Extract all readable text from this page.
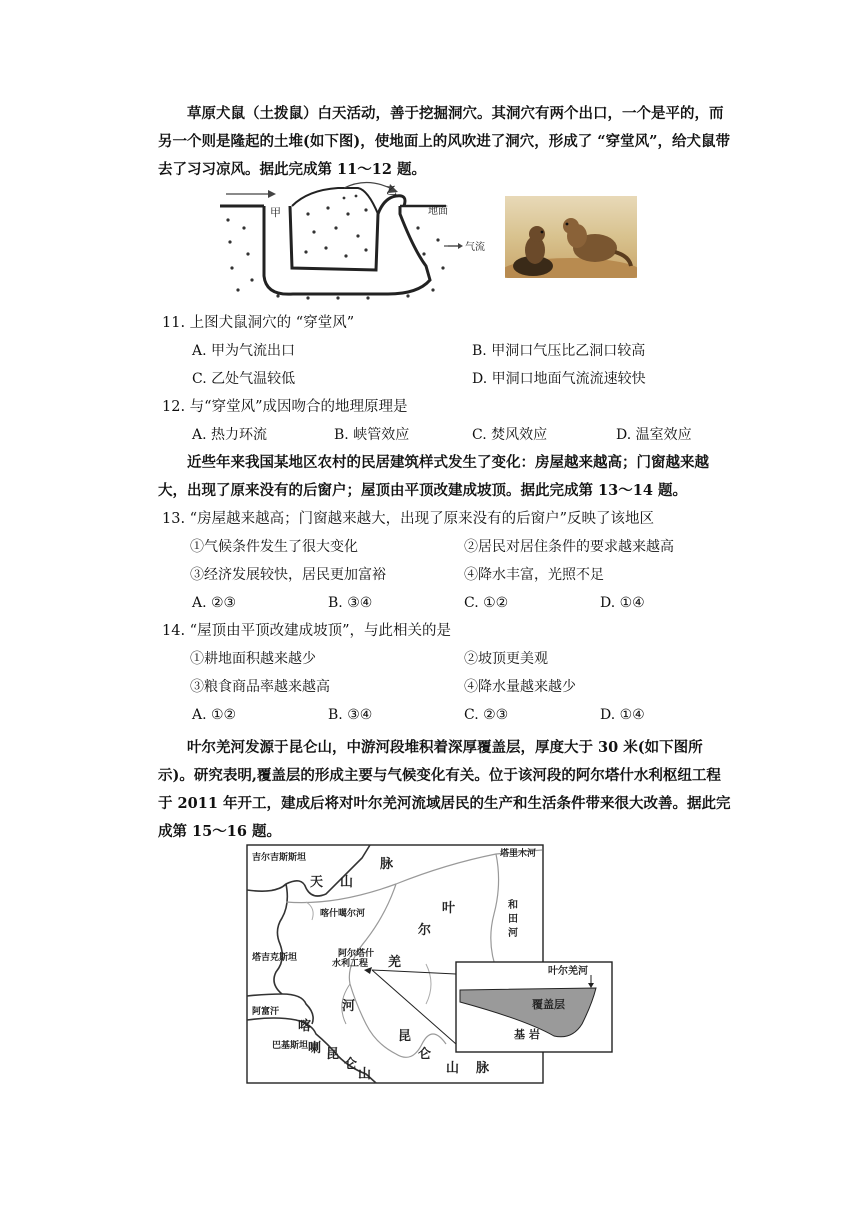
草原犬鼠（土拨鼠）白天活动，善于挖掘洞穴。其洞穴有两个出口，一个是平的，而另一个则是隆起的土堆(如下图)，使地面上的风吹进了洞穴，形成了 “穿堂风”，给犬鼠带去了习习凉风。据此完成第 11～12 题。

甲
乙
地面
气流
11. 上图犬鼠洞穴的 “穿堂风”
A. 甲为气流出口	B. 甲洞口气压比乙洞口较高
C. 乙处气温较低	D. 甲洞口地面气流流速较快
12. 与“穿堂风”成因吻合的地理原理是
A. 热力环流	B. 峡管效应	C. 焚风效应	D. 温室效应

近些年来我国某地区农村的民居建筑样式发生了变化：房屋越来越高；门窗越来越大，出现了原来没有的后窗户；屋顶由平顶改建成坡顶。据此完成第 13～14 题。

13. “房屋越来越高；门窗越来越大，出现了原来没有的后窗户”反映了该地区
①气候条件发生了很大变化	②居民对居住条件的要求越来越高
③经济发展较快，居民更加富裕	④降水丰富，光照不足
A. ②③	B. ③④	C. ①②	D. ①④
14. “屋顶由平顶改建成坡顶”，与此相关的是
①耕地面积越来越少	②坡顶更美观
③粮食商品率越来越高	④降水量越来越少
A. ①②	B. ③④	C. ②③	D. ①④

叶尔羌河发源于昆仑山，中游河段堆积着深厚覆盖层，厚度大于 30 米(如下图所示)。研究表明,覆盖层的形成主要与气候变化有关。位于该河段的阿尔塔什水利枢纽工程于 2011 年开工，建成后将对叶尔羌河流域居民的生产和生活条件带来很大改善。据此完成第 15～16 题。

吉尔吉斯斯坦
塔吉克斯坦
阿富汗
巴基斯坦
塔里木河
喀什噶尔河
阿尔塔什
水利工程
天 山
脉
喀
喇 昆
仑
山
昆
仑
山 脉
叶
尔
羌
河
和
田
河
叶尔羌河
覆盖层
基 岩
